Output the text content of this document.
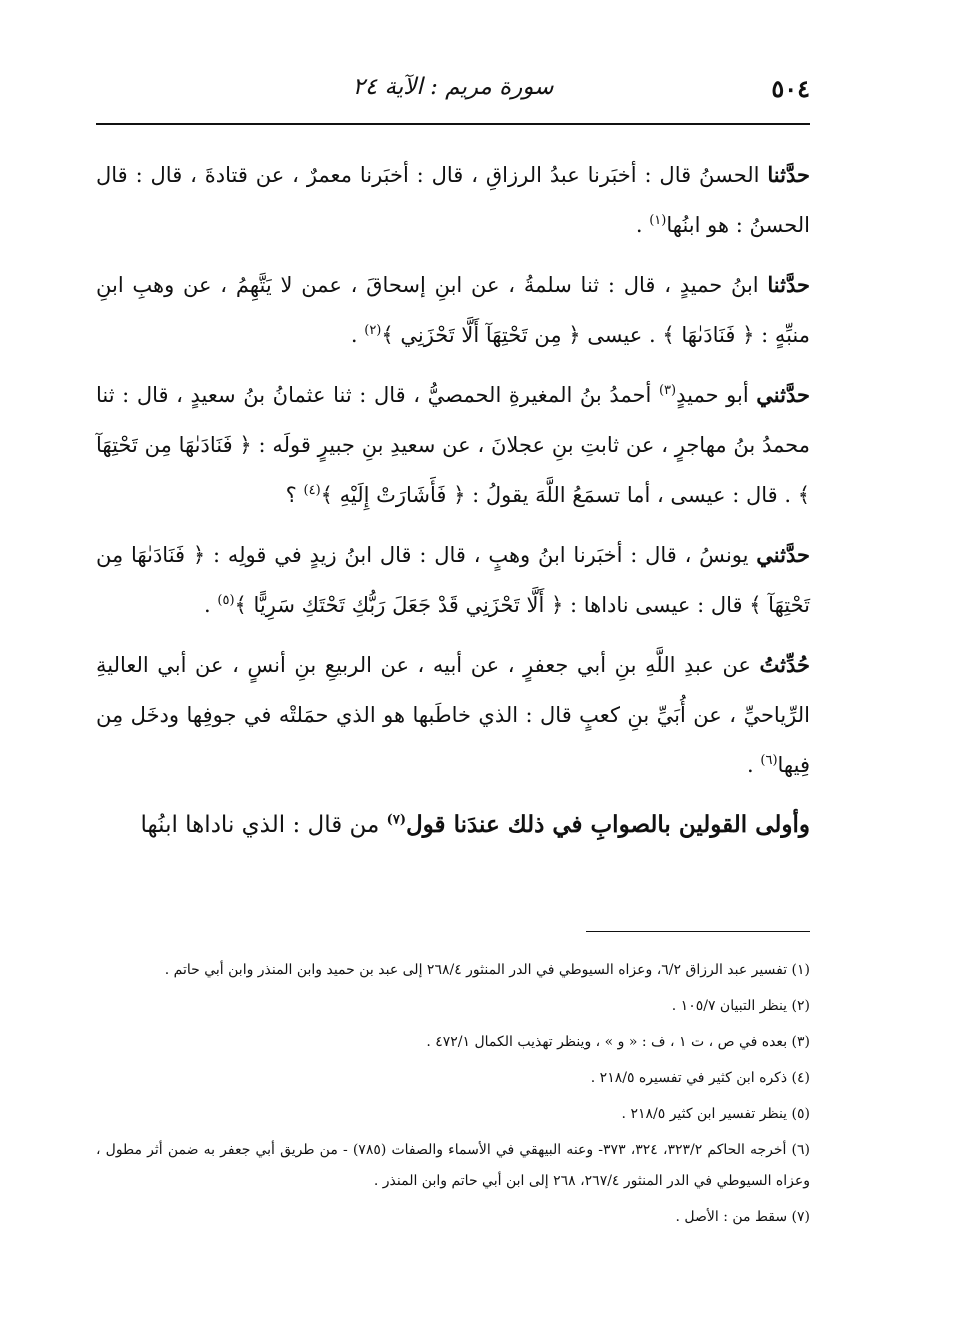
٥٠٤
سورة مريم : الآية ٢٤

حدَّثنا الحسنُ قال : أخبَرنا عبدُ الرزاقِ ، قال : أخبَرنا معمرٌ ، عن قتادةَ ، قال : قال الحسنُ : هو ابنُها$^{(١)}$ .

حدَّثنا ابنُ حميدٍ ، قال : ثنا سلمةُ ، عن ابنِ إسحاقَ ، عمن لا يَتَّهِمُ ، عن وهبِ ابنِ منبِّهٍ : ﴿ فَنَادَىٰهَا ﴾ . عيسى ﴿ مِن تَحْتِهَآ أَلَّا تَحْزَنِي ﴾$^{(٢)}$ .

حدَّثني أبو حميدٍ$^{(٣)}$ أحمدُ بنُ المغيرةِ الحمصيُّ ، قال : ثنا عثمانُ بنُ سعيدٍ ، قال : ثنا محمدُ بنُ مهاجرٍ ، عن ثابتِ بنِ عجلانَ ، عن سعيدِ بنِ جبيرٍ قولَه : ﴿ فَنَادَىٰهَا مِن تَحْتِهَآ ﴾ . قال : عيسى ، أما تسمَعُ اللَّهَ يقولُ : ﴿ فَأَشَارَتْ إِلَيْهِ ﴾$^{(٤)}$ ؟

حدَّثني يونسُ ، قال : أخبَرنا ابنُ وهبٍ ، قال : قال ابنُ زيدٍ في قولِه : ﴿ فَنَادَىٰهَا مِن تَحْتِهَآ ﴾ قال : عيسى ناداها : ﴿ أَلَّا تَحْزَنِي قَدْ جَعَلَ رَبُّكِ تَحْتَكِ سَرِيًّا ﴾$^{(٥)}$ .

حُدِّثتُ عن عبدِ اللَّهِ بنِ أبي جعفرٍ ، عن أبيه ، عن الربيعِ بنِ أنسٍ ، عن أبي العاليةِ الرِّياحيِّ ، عن أُبَيِّ بنِ كعبٍ قال : الذي خاطَبها هو الذي حمَلتْه في جوفِها ودخَل مِن فِيها$^{(٦)}$ .

وأولى القولين بالصوابِ في ذلك عندَنا قول$^{(٧)}$ من قال : الذي ناداها ابنُها

(١) تفسير عبد الرزاق ٦/٢، وعزاه السيوطي في الدر المنثور ٢٦٨/٤ إلى عبد بن حميد وابن المنذر وابن أبي حاتم .
(٢) ينظر التبيان ١٠٥/٧ .
(٣) بعده في ص ، ت ١ ، ف : « و » ، وينظر تهذيب الكمال ٤٧٢/١ .
(٤) ذكره ابن كثير في تفسيره ٢١٨/٥ .
(٥) ينظر تفسير ابن كثير ٢١٨/٥ .
(٦) أخرجه الحاكم ٣٢٣/٢، ٣٢٤، ٣٧٣- وعنه البيهقي في الأسماء والصفات (٧٨٥) - من طريق أبي جعفر به ضمن أثر مطول ، وعزاه السيوطي في الدر المنثور ٢٦٧/٤، ٢٦٨ إلى ابن أبي حاتم وابن المنذر .
(٧) سقط من : الأصل .
